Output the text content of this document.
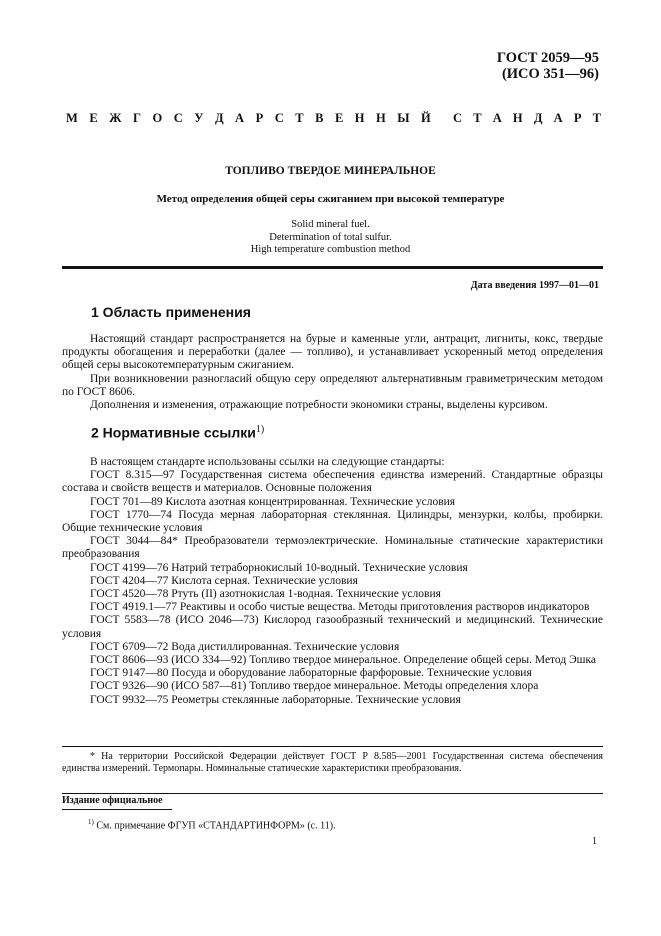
ГОСТ 2059—95
(ИСО 351—96)
М Е Ж Г О С У Д А Р С Т В Е Н Н Ы Й С Т А Н Д А Р Т
ТОПЛИВО ТВЕРДОЕ МИНЕРАЛЬНОЕ
Метод определения общей серы сжиганием при высокой температуре
Solid mineral fuel.
Determination of total sulfur.
High temperature combustion method
Дата введения 1997—01—01
1 Область применения

Настоящий стандарт распространяется на бурые и каменные угли, антрацит, лигниты, кокс, твердые продукты обогащения и переработки (далее — топливо), и устанавливает ускоренный метод определения общей серы высокотемпературным сжиганием.

При возникновении разногласий общую серу определяют альтернативным гравиметрическим методом по ГОСТ 8606.

Дополнения и изменения, отражающие потребности экономики страны, выделены курсивом.

2 Нормативные ссылки$^{1)}$

В настоящем стандарте использованы ссылки на следующие стандарты:

ГОСТ 8.315—97 Государственная система обеспечения единства измерений. Стандартные образцы состава и свойств веществ и материалов. Основные положения

ГОСТ 701—89 Кислота азотная концентрированная. Технические условия

ГОСТ 1770—74 Посуда мерная лабораторная стеклянная. Цилиндры, мензурки, колбы, пробирки. Общие технические условия

ГОСТ 3044—84* Преобразователи термоэлектрические. Номинальные статические характеристики преобразования

ГОСТ 4199—76 Натрий тетраборнокислый 10-водный. Технические условия

ГОСТ 4204—77 Кислота серная. Технические условия

ГОСТ 4520—78 Ртуть (II) азотнокислая 1-водная. Технические условия

ГОСТ 4919.1—77 Реактивы и особо чистые вещества. Методы приготовления растворов индикаторов

ГОСТ 5583—78 (ИСО 2046—73) Кислород газообразный технический и медицинский. Технические условия

ГОСТ 6709—72 Вода дистиллированная. Технические условия

ГОСТ 8606—93 (ИСО 334—92) Топливо твердое минеральное. Определение общей серы. Метод Эшка

ГОСТ 9147—80 Посуда и оборудование лабораторные фарфоровые. Технические условия

ГОСТ 9326—90 (ИСО 587—81) Топливо твердое минеральное. Методы определения хлора

ГОСТ 9932—75 Реометры стеклянные лабораторные. Технические условия

* На территории Российской Федерации действует ГОСТ Р 8.585—2001 Государственная система обеспечения единства измерений. Термопары. Номинальные статические характеристики преобразования.

Издание официальное
$^{1)}$ См. примечание ФГУП «СТАНДАРТИНФОРМ» (с. 11).
1
